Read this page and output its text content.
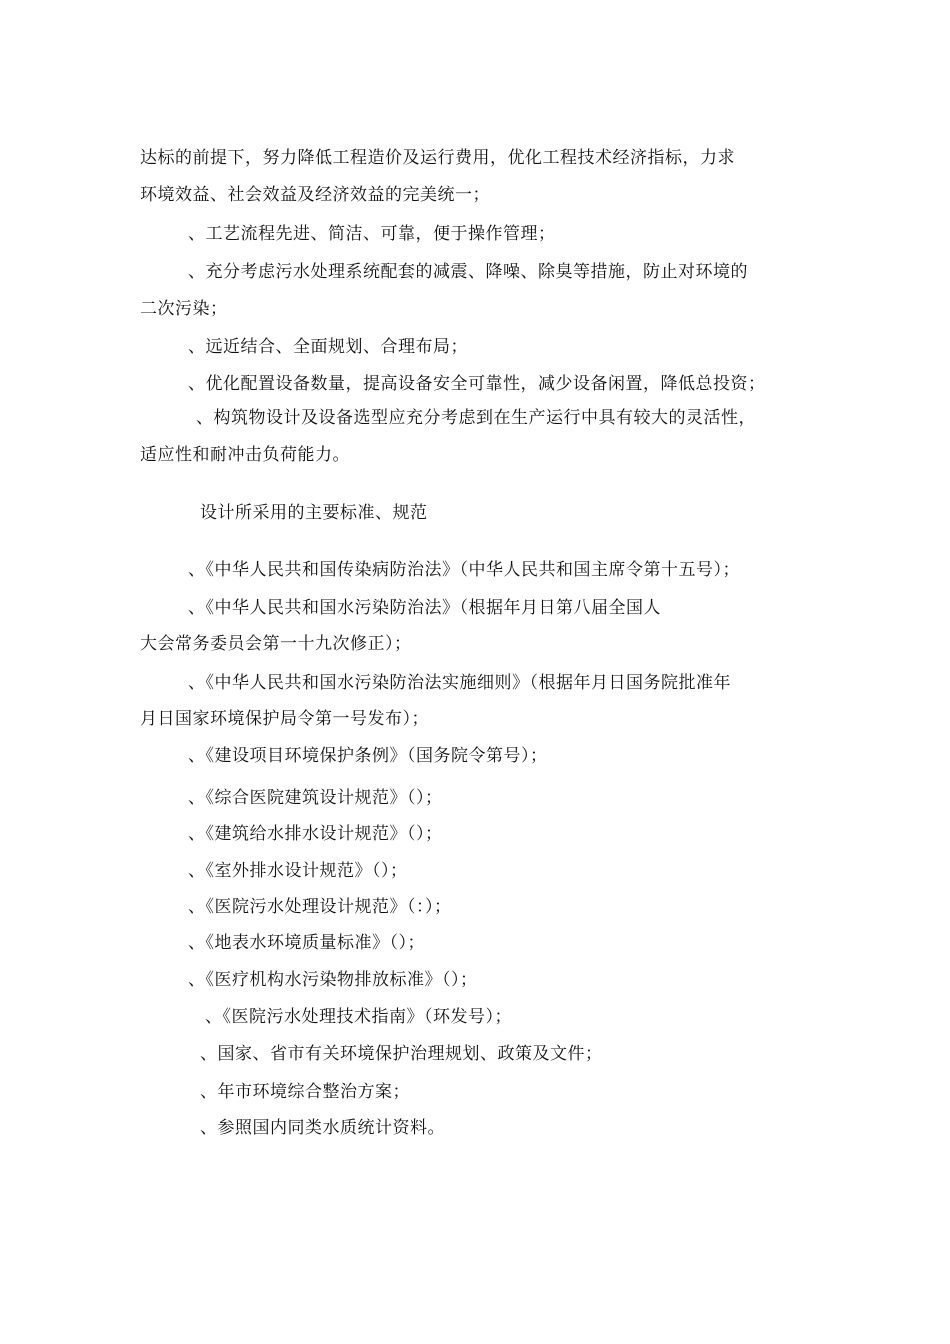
达标的前提下，努力降低工程造价及运行费用，优化工程技术经济指标，力求
环境效益、社会效益及经济效益的完美统一；
、工艺流程先进、简洁、可靠，便于操作管理；
、充分考虑污水处理系统配套的减震、降噪、除臭等措施，防止对环境的
二次污染；
、远近结合、全面规划、合理布局；
、优化配置设备数量，提高设备安全可靠性，减少设备闲置，降低总投资；
、构筑物设计及设备选型应充分考虑到在生产运行中具有较大的灵活性，
适应性和耐冲击负荷能力。
设计所采用的主要标准、规范
、《中华人民共和国传染病防治法》（中华人民共和国主席令第十五号）；
、《中华人民共和国水污染防治法》（根据年月日第八届全国人
大会常务委员会第一十九次修正）；
、《中华人民共和国水污染防治法实施细则》（根据年月日国务院批准年
月日国家环境保护局令第一号发布）；
、《建设项目环境保护条例》（国务院令第号）；
、《综合医院建筑设计规范》（）；
、《建筑给水排水设计规范》（）；
、《室外排水设计规范》（）；
、《医院污水处理设计规范》（：）；
、《地表水环境质量标准》（）；
、《医疗机构水污染物排放标准》（）；
、《医院污水处理技术指南》（环发号）；
、国家、省市有关环境保护治理规划、政策及文件；
、年市环境综合整治方案；
、参照国内同类水质统计资料。
